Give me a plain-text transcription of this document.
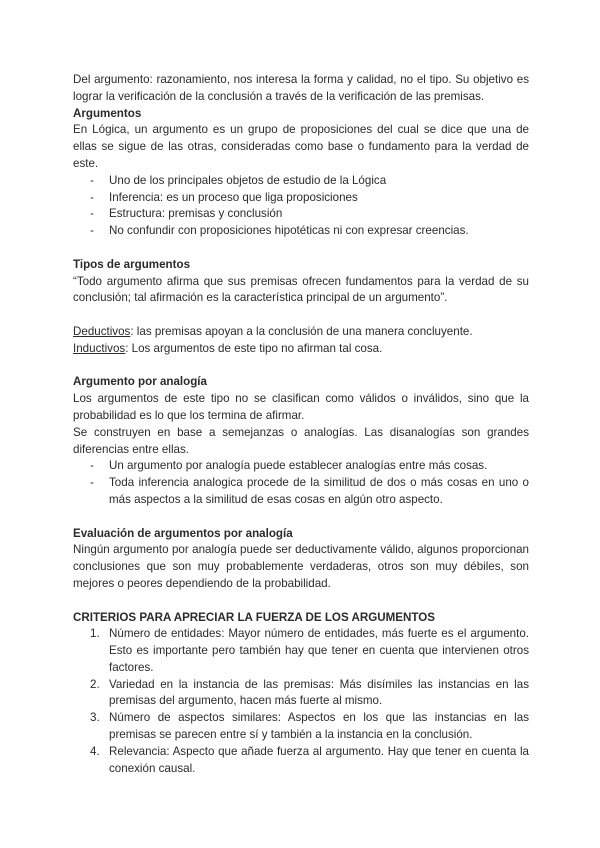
Del argumento: razonamiento, nos interesa la forma y calidad, no el tipo. Su objetivo es lograr la verificación de la conclusión a través de la verificación de las premisas.

Argumentos

En Lógica, un argumento es un grupo de proposiciones del cual se dice que una de ellas se sigue de las otras, consideradas como base o fundamento para la verdad de este.

- Uno de los principales objetos de estudio de la Lógica
- Inferencia: es un proceso que liga proposiciones
- Estructura: premisas y conclusión
- No confundir con proposiciones hipotéticas ni con expresar creencias.
Tipos de argumentos

“Todo argumento afirma que sus premisas ofrecen fundamentos para la verdad de su conclusión; tal afirmación es la característica principal de un argumento”.

Deductivos: las premisas apoyan a la conclusión de una manera concluyente.

Inductivos: Los argumentos de este tipo no afirman tal cosa.

Argumento por analogía

Los argumentos de este tipo no se clasifican como válidos o inválidos, sino que la probabilidad es lo que los termina de afirmar.

Se construyen en base a semejanzas o analogías. Las disanalogías son grandes diferencias entre ellas.

- Un argumento por analogía puede establecer analogías entre más cosas.
- Toda inferencia analogica procede de la similitud de dos o más cosas en uno o más aspectos a la similitud de esas cosas en algún otro aspecto.
Evaluación de argumentos por analogía

Ningún argumento por analogía puede ser deductivamente válido, algunos proporcionan conclusiones que son muy probablemente verdaderas, otros son muy débiles, son mejores o peores dependiendo de la probabilidad.

CRITERIOS PARA APRECIAR LA FUERZA DE LOS ARGUMENTOS
1. Número de entidades: Mayor número de entidades, más fuerte es el argumento. Esto es importante pero también hay que tener en cuenta que intervienen otros factores.
2. Variedad en la instancia de las premisas: Más disímiles las instancias en las premisas del argumento, hacen más fuerte al mismo.
3. Número de aspectos similares: Aspectos en los que las instancias en las premisas se parecen entre sí y también a la instancia en la conclusión.
4. Relevancia: Aspecto que añade fuerza al argumento. Hay que tener en cuenta la conexión causal.
